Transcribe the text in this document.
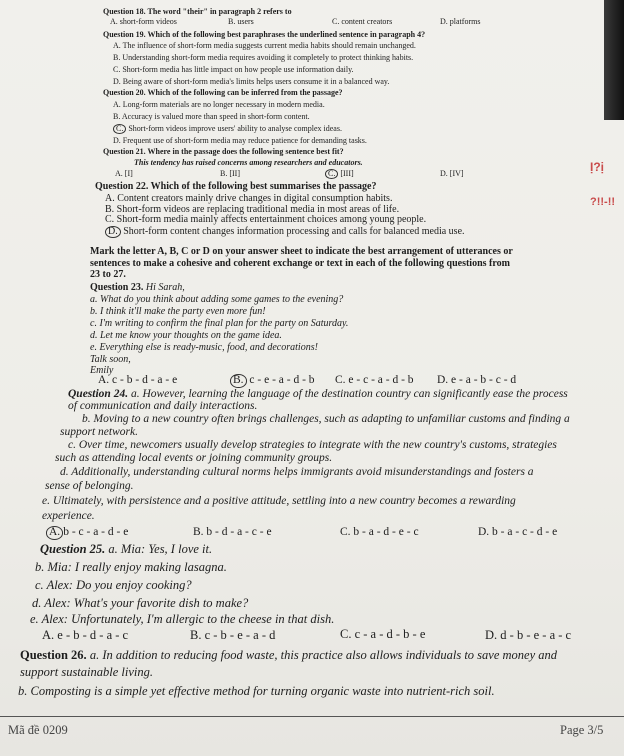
Ị?ị
?!!-!!
Question 18. The word "their" in paragraph 2 refers to
A. short-form videos	B. users	C. content creators	D. platforms
Question 19. Which of the following best paraphrases the underlined sentence in paragraph 4?
A. The influence of short-form media suggests current media habits should remain unchanged.
B. Understanding short-form media requires avoiding it completely to protect thinking habits.
C. Short-form media has little impact on how people use information daily.
D. Being aware of short-form media's limits helps users consume it in a balanced way.
Question 20. Which of the following can be inferred from the passage?
A. Long-form materials are no longer necessary in modern media.
B. Accuracy is valued more than speed in short-form content.
C. Short-form videos improve users' ability to analyse complex ideas.
D. Frequent use of short-form media may reduce patience for demanding tasks.
Question 21. Where in the passage does the following sentence best fit?
This tendency has raised concerns among researchers and educators.
A. [I]	B. [II]	C. [III]	D. [IV]
Question 22. Which of the following best summarises the passage?
A. Content creators mainly drive changes in digital consumption habits.
B. Short-form videos are replacing traditional media in most areas of life.
C. Short-form media mainly affects entertainment choices among young people.
D. Short-form content changes information processing and calls for balanced media use.
Mark the letter A, B, C or D on your answer sheet to indicate the best arrangement of utterances or
sentences to make a cohesive and coherent exchange or text in each of the following questions from
23 to 27.
Question 23. Hi Sarah,
a. What do you think about adding some games to the evening?
b. I think it'll make the party even more fun!
c. I'm writing to confirm the final plan for the party on Saturday.
d. Let me know your thoughts on the game idea.
e. Everything else is ready-music, food, and decorations!
Talk soon,
Emily
A. c - b - d - a - e	B. c - e - a - d - b C. e - c - a - d - b D. e - a - b - c - d
Question 24. a. However, learning the language of the destination country can significantly ease the process
of communication and daily interactions.
b. Moving to a new country often brings challenges, such as adapting to unfamiliar customs and finding a
support network.
c. Over time, newcomers usually develop strategies to integrate with the new country's customs, strategies
such as attending local events or joining community groups.
d. Additionally, understanding cultural norms helps immigrants avoid misunderstandings and fosters a
sense of belonging.
e. Ultimately, with persistence and a positive attitude, settling into a new country becomes a rewarding
experience.
A. b - c - a - d - e	B. b - d - a - c - e	C. b - a - d - e - c	D. b - a - c - d - e
Question 25. a. Mia: Yes, I love it.
b. Mia: I really enjoy making lasagna.
c. Alex: Do you enjoy cooking?
d. Alex: What's your favorite dish to make?
e. Alex: Unfortunately, I'm allergic to the cheese in that dish.
A. e - b - d - a - c	B. c - b - e - a - d	C. c - a - d - b - e	D. d - b - e - a - c
Question 26. a. In addition to reducing food waste, this practice also allows individuals to save money and
support sustainable living.
b. Composting is a simple yet effective method for turning organic waste into nutrient-rich soil.
Mã đề 0209	Page 3/5
